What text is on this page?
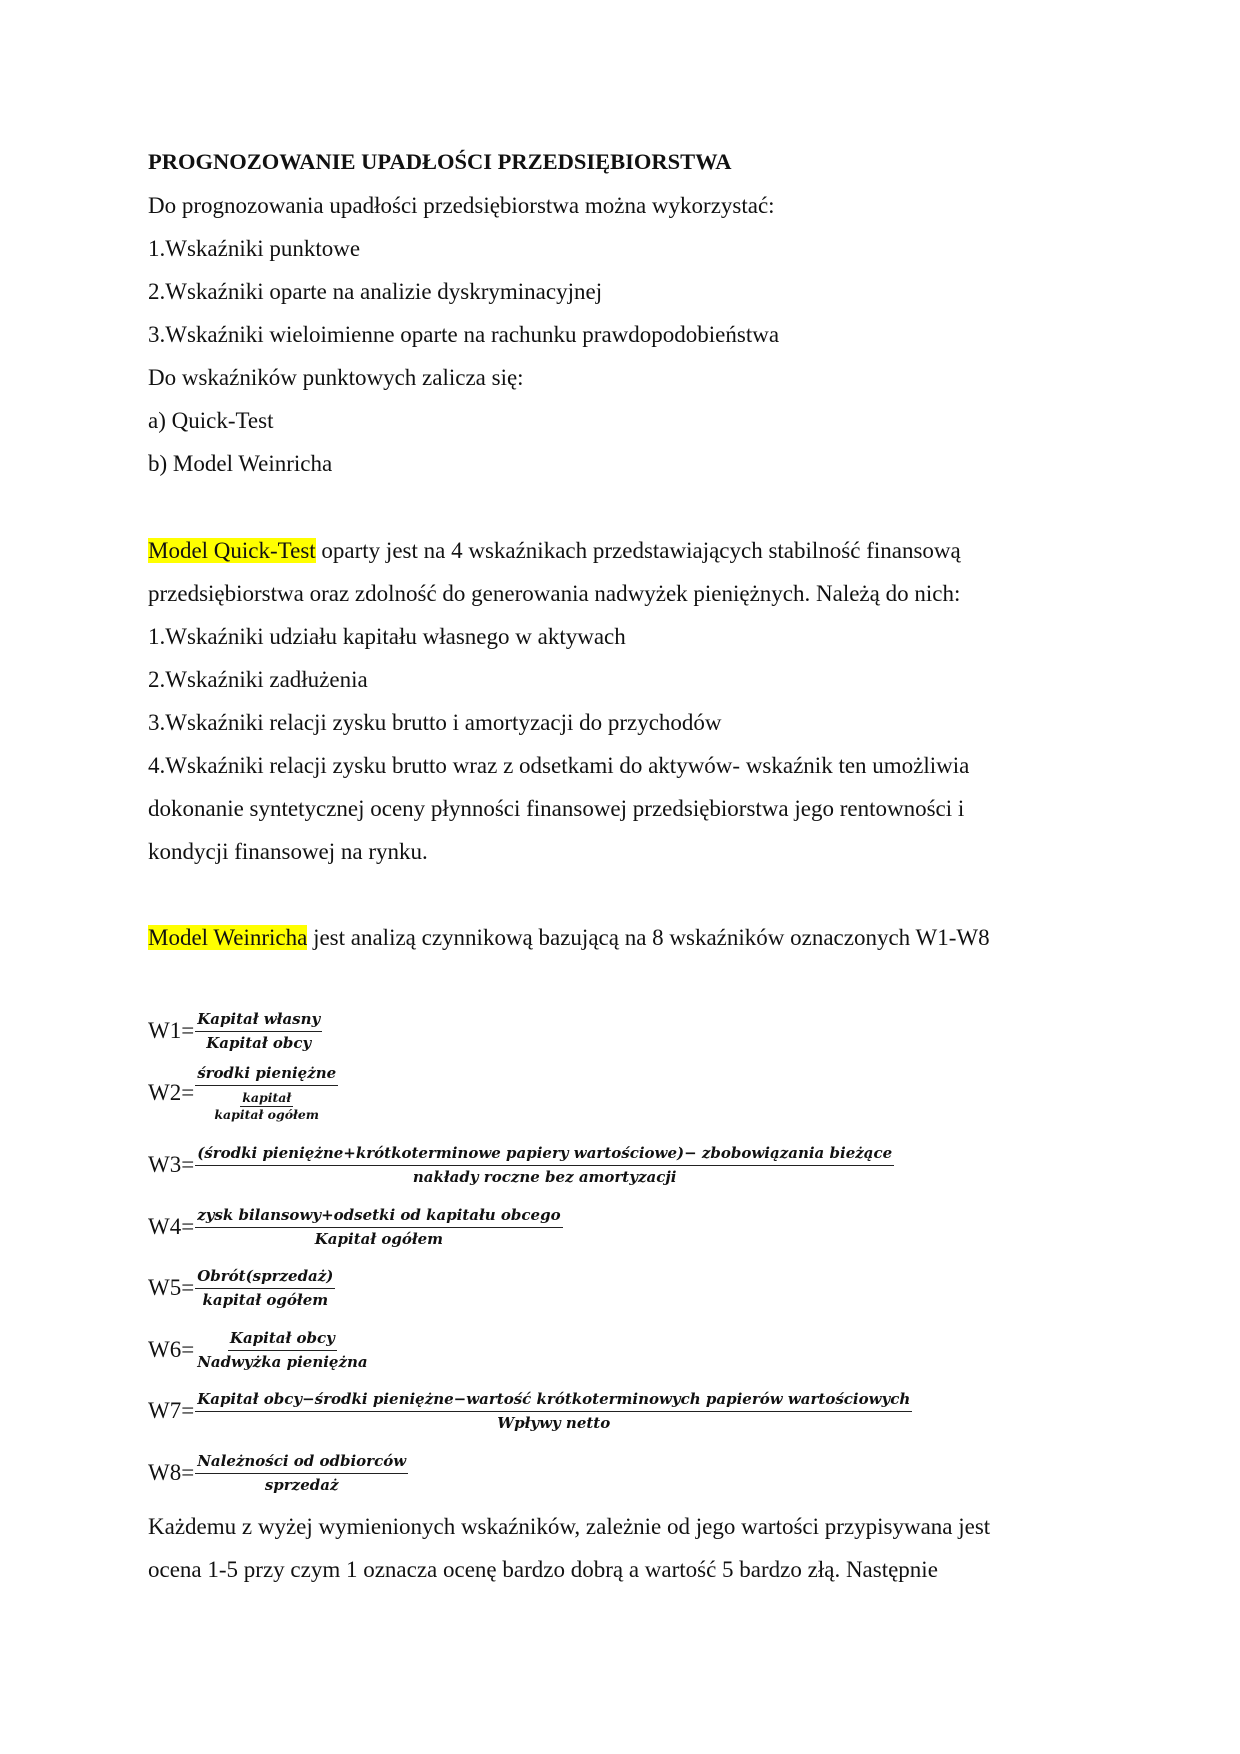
PROGNOZOWANIE UPADŁOŚCI PRZEDSIĘBIORSTWA
Do prognozowania upadłości przedsiębiorstwa można wykorzystać:
1.Wskaźniki punktowe
2.Wskaźniki oparte na analizie dyskryminacyjnej
3.Wskaźniki wieloimienne oparte na rachunku prawdopodobieństwa
Do wskaźników punktowych zalicza się:
a) Quick-Test
b) Model Weinricha
Model Quick-Test oparty jest na 4 wskaźnikach przedstawiających stabilność finansową
przedsiębiorstwa oraz zdolność do generowania nadwyżek pieniężnych. Należą do nich:
1.Wskaźniki udziału kapitału własnego w aktywach
2.Wskaźniki zadłużenia
3.Wskaźniki relacji zysku brutto i amortyzacji do przychodów
4.Wskaźniki relacji zysku brutto wraz z odsetkami do aktywów- wskaźnik ten umożliwia
dokonanie syntetycznej oceny płynności finansowej przedsiębiorstwa jego rentowności i
kondycji finansowej na rynku.
Model Weinricha jest analizą czynnikową bazującą na 8 wskaźników oznaczonych W1-W8
$W1= \frac{\text{Kapitał własny}}{\text{Kapitał obcy}}$
$W2= \frac{\text{środki pieniężne}}{\frac{\text{kapitał}}{\text{kapitał ogółem}}}$
W3= (środki pieniężne+krótkoterminowe papiery wartościowe)− zbobowiązania bieżące
nakłady roczne bez amortyzacji
$W4= \frac{\text{zysk bilansowy+odsetki od kapitału obcego}}{\text{Kapitał ogółem}}$
$W5= \frac{\text{Obrót(sprzedaż)}}{\text{kapitał ogółem}}$
$W6= \frac{\text{Kapitał obcy}}{\text{Nadwyżka pieniężna}}$
W7= Kapitał obcy−środki pieniężne−wartość krótkoterminowych papierów wartościowych
Wpływy netto
$W8= \frac{\text{Należności od odbiorców}}{\text{sprzedaż}}$
Każdemu z wyżej wymienionych wskaźników, zależnie od jego wartości przypisywana jest
ocena 1-5 przy czym 1 oznacza ocenę bardzo dobrą a wartość 5 bardzo złą. Następnie
